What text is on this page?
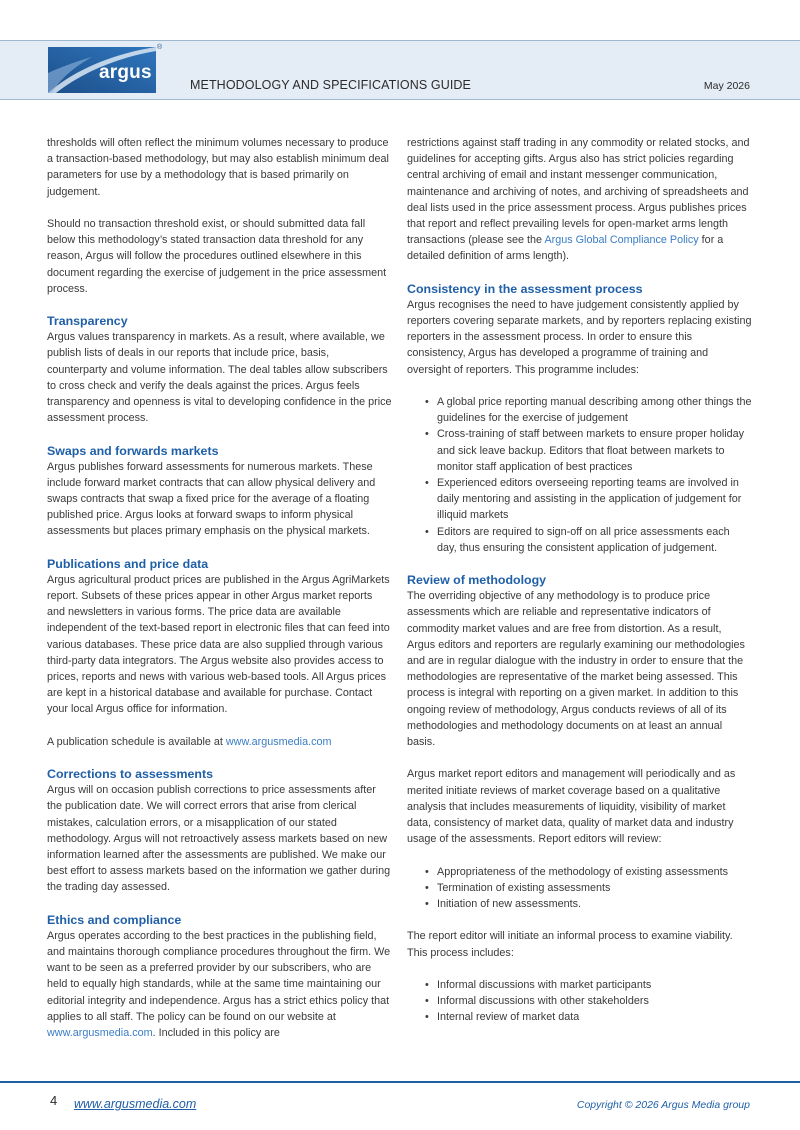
argus
®
METHODOLOGY AND SPECIFICATIONS GUIDE	May 2026

thresholds will often reflect the minimum volumes necessary to produce a transaction-based methodology, but may also establish minimum deal parameters for use by a methodology that is based primarily on judgement.

Should no transaction threshold exist, or should submitted data fall below this methodology’s stated transaction data threshold for any reason, Argus will follow the procedures outlined elsewhere in this document regarding the exercise of judgement in the price assessment process.

Transparency

Argus values transparency in markets. As a result, where available, we publish lists of deals in our reports that include price, basis, counterparty and volume information. The deal tables allow subscribers to cross check and verify the deals against the prices. Argus feels transparency and openness is vital to developing confidence in the price assessment process.

Swaps and forwards markets

Argus publishes forward assessments for numerous markets. These include forward market contracts that can allow physical delivery and swaps contracts that swap a fixed price for the average of a floating published price. Argus looks at forward swaps to inform physical assessments but places primary emphasis on the physical markets.

Publications and price data

Argus agricultural product prices are published in the Argus AgriMarkets report. Subsets of these prices appear in other Argus market reports and newsletters in various forms. The price data are available independent of the text-based report in electronic files that can feed into various databases. These price data are also supplied through various third-party data integrators. The Argus website also provides access to prices, reports and news with various web-based tools. All Argus prices are kept in a historical database and available for purchase. Contact your local Argus office for information.

A publication schedule is available at www.argusmedia.com

Corrections to assessments

Argus will on occasion publish corrections to price assessments after the publication date. We will correct errors that arise from clerical mistakes, calculation errors, or a misapplication of our stated methodology. Argus will not retroactively assess markets based on new information learned after the assessments are published. We make our best effort to assess markets based on the information we gather during the trading day assessed.

Ethics and compliance

Argus operates according to the best practices in the publishing field, and maintains thorough compliance procedures throughout the firm. We want to be seen as a preferred provider by our subscribers, who are held to equally high standards, while at the same time maintaining our editorial integrity and independence. Argus has a strict ethics policy that applies to all staff. The policy can be found on our website at www.argusmedia.com. Included in this policy are

restrictions against staff trading in any commodity or related stocks, and guidelines for accepting gifts. Argus also has strict policies regarding central archiving of email and instant messenger communication, maintenance and archiving of notes, and archiving of spreadsheets and deal lists used in the price assessment process. Argus publishes prices that report and reflect prevailing levels for open-market arms length transactions (please see the Argus Global Compliance Policy for a detailed definition of arms length).

Consistency in the assessment process

Argus recognises the need to have judgement consistently applied by reporters covering separate markets, and by reporters replacing existing reporters in the assessment process. In order to ensure this consistency, Argus has developed a programme of training and oversight of reporters. This programme includes:

• A global price reporting manual describing among other things the guidelines for the exercise of judgement
• Cross-training of staff between markets to ensure proper holiday and sick leave backup. Editors that float between markets to monitor staff application of best practices
• Experienced editors overseeing reporting teams are involved in daily mentoring and assisting in the application of judgement for illiquid markets
• Editors are required to sign-off on all price assessments each day, thus ensuring the consistent application of judgement.
Review of methodology

The overriding objective of any methodology is to produce price assessments which are reliable and representative indicators of commodity market values and are free from distortion. As a result, Argus editors and reporters are regularly examining our methodologies and are in regular dialogue with the industry in order to ensure that the methodologies are representative of the market being assessed. This process is integral with reporting on a given market. In addition to this ongoing review of methodology, Argus conducts reviews of all of its methodologies and methodology documents on at least an annual basis.

Argus market report editors and management will periodically and as merited initiate reviews of market coverage based on a qualitative analysis that includes measurements of liquidity, visibility of market data, consistency of market data, quality of market data and industry usage of the assessments. Report editors will review:

• Appropriateness of the methodology of existing assessments
• Termination of existing assessments
• Initiation of new assessments.

The report editor will initiate an informal process to examine viability. This process includes:

• Informal discussions with market participants
• Informal discussions with other stakeholders
• Internal review of market data
4 www.argusmedia.com	Copyright © 2026 Argus Media group
